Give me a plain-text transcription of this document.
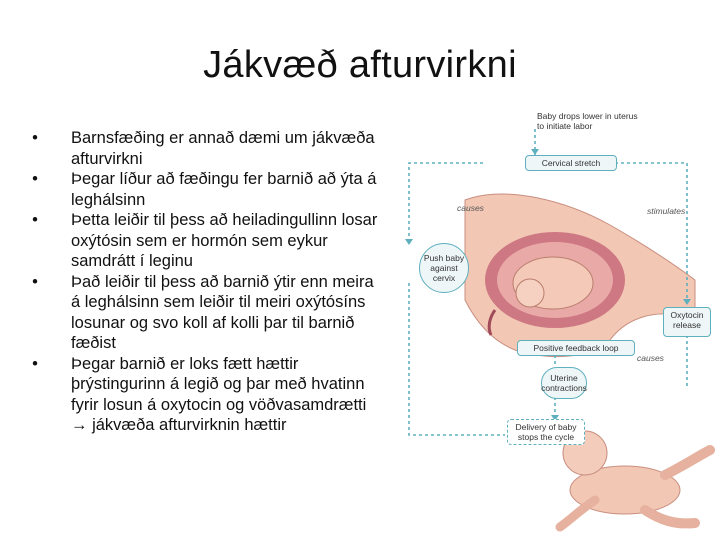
Jákvæð afturvirkni
• Barnsfæðing er annað dæmi um jákvæða afturvirkni
• Þegar líður að fæðingu fer barnið að ýta á leghálsinn
• Þetta leiðir til þess að heiladingullinn losar oxýtósin sem er hormón sem eykur samdrátt í leginu
• Það leiðir til þess að barnið ýtir enn meira á leghálsinn sem leiðir til meiri oxýtósíns losunar og svo koll af kolli þar til barnið fæðist
• Þegar barnið er loks fætt hættir þrýstingurinn á legið og þar með hvatinn fyrir losun á oxytocin og vöðvasamdrætti → jákvæða afturvirknin hættir
Baby drops lower in uterus to initiate labor
Cervical stretch
causes	stimulates
Push baby against cervix
Oxytocin release
Positive feedback loop
causes
Uterine contractions
Delivery of baby stops the cycle
